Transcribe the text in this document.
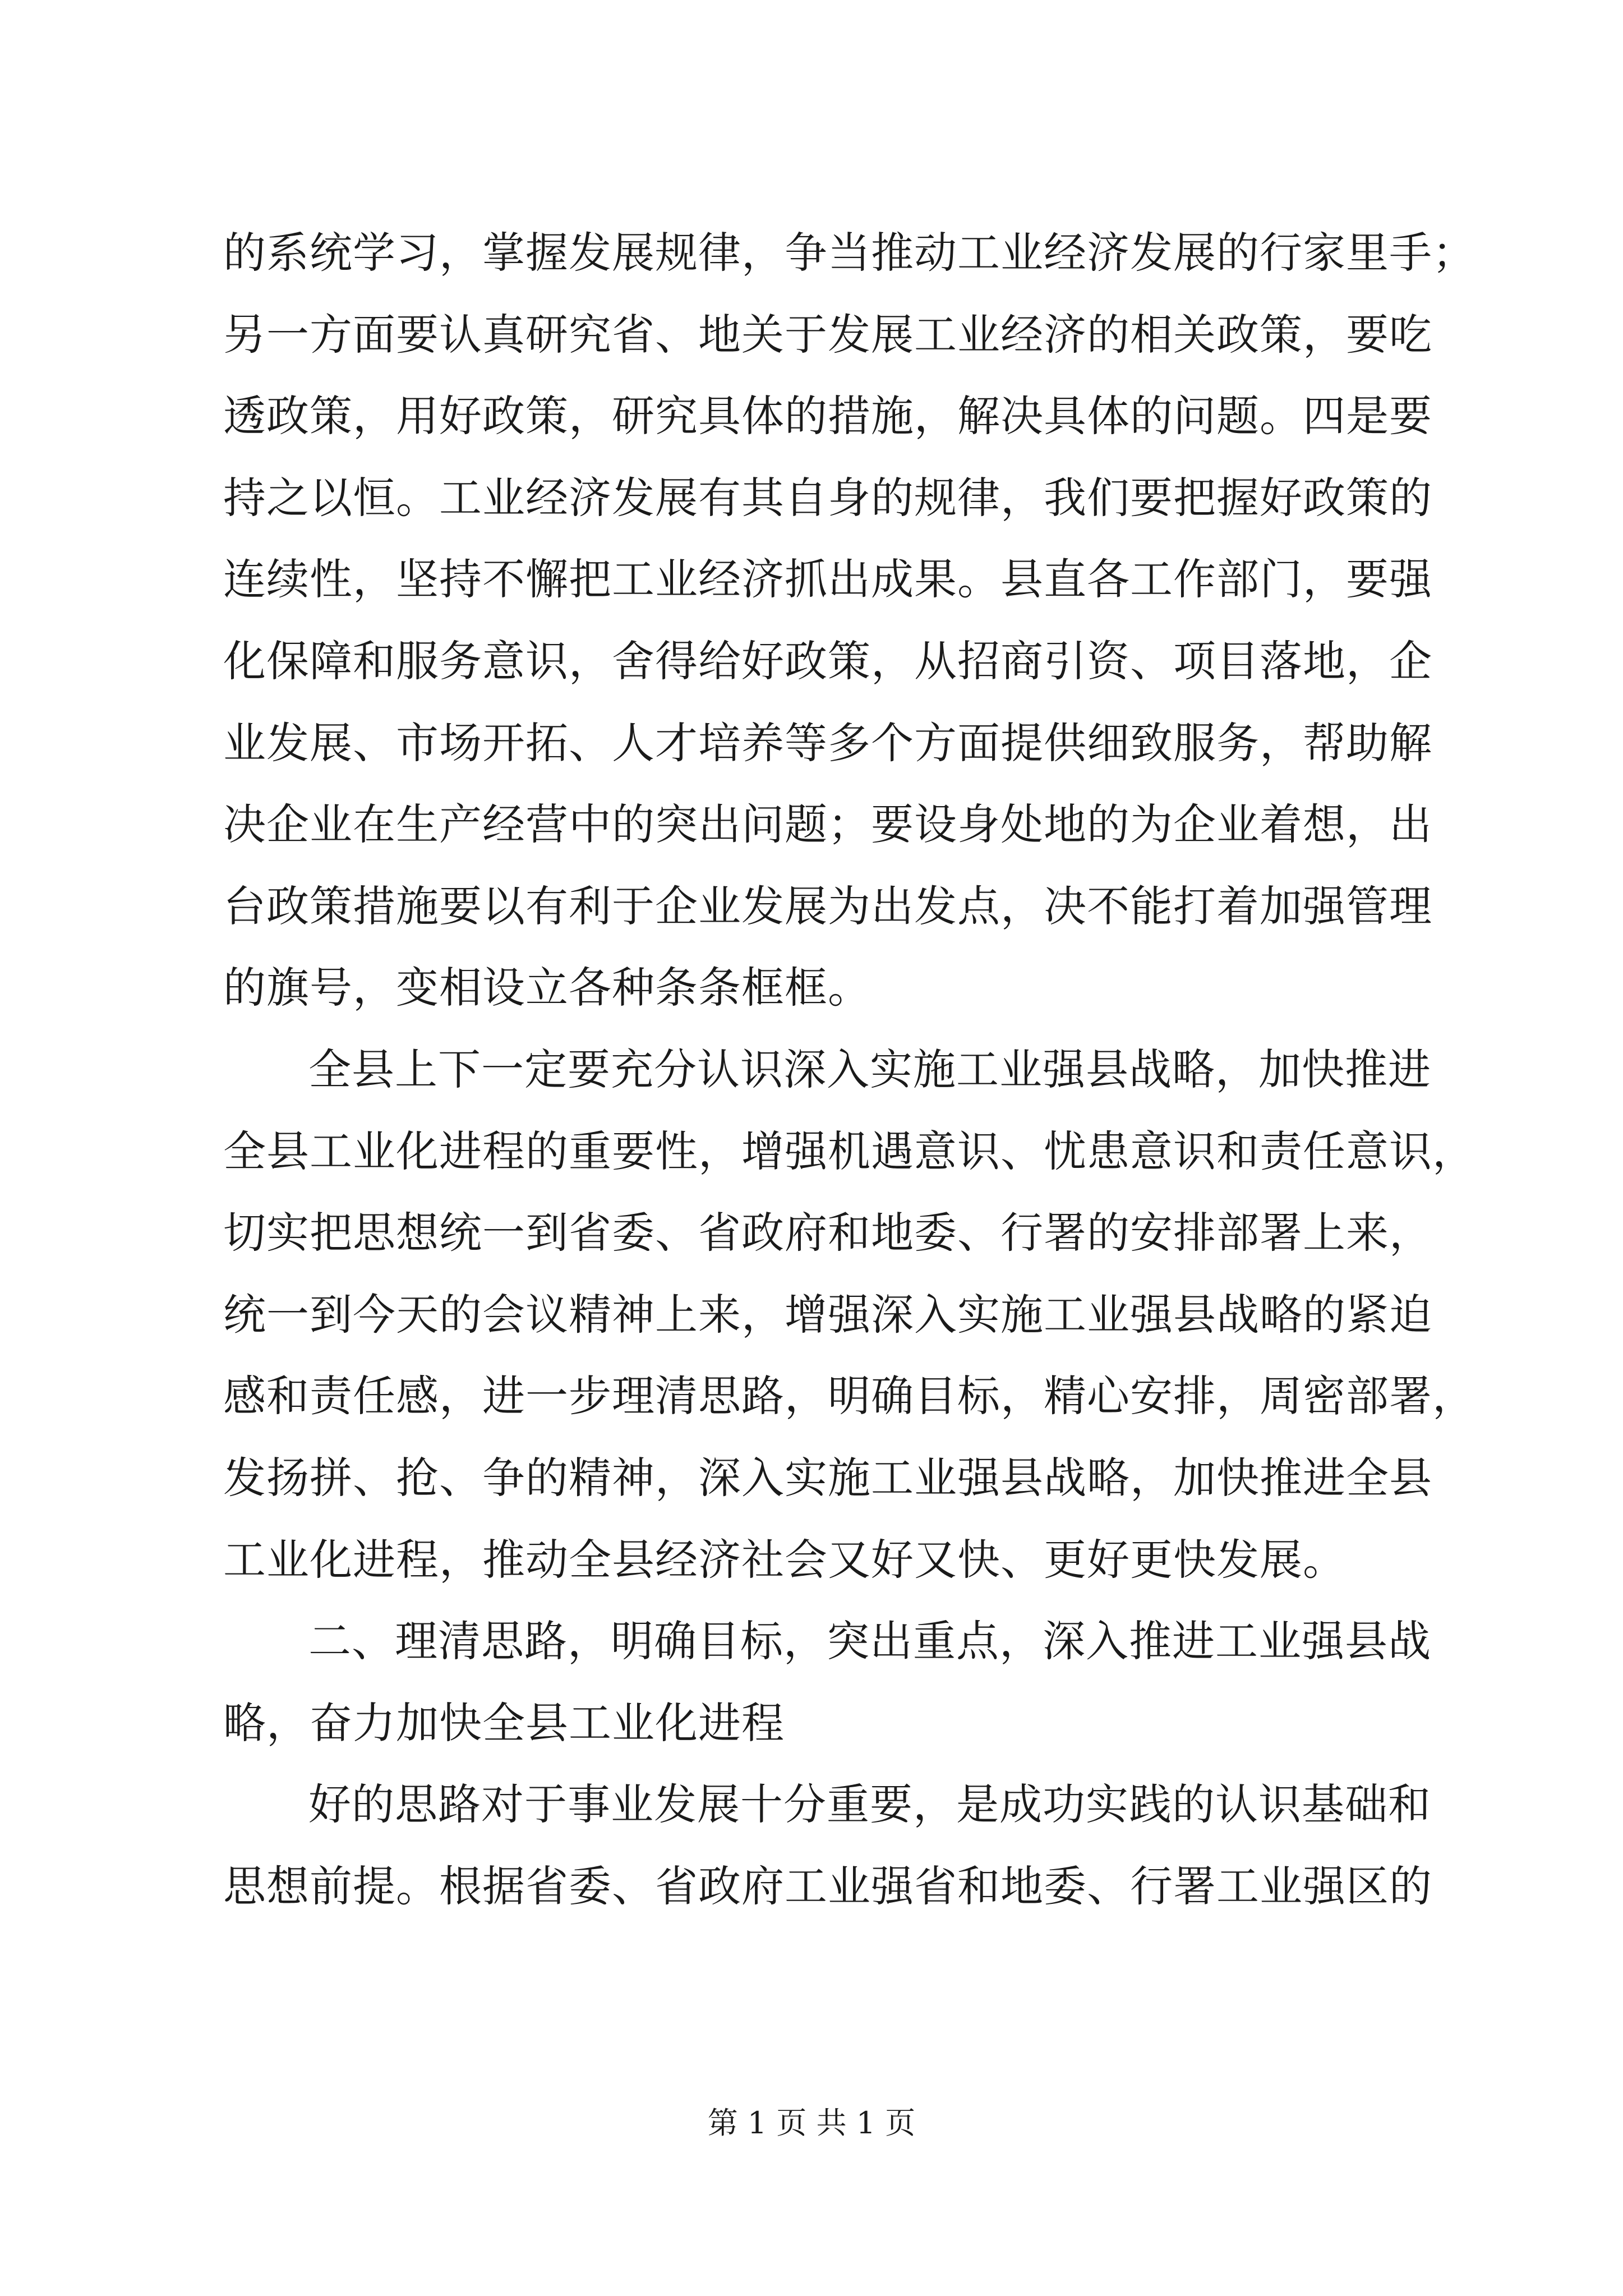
的系统学习，掌握发展规律，争当推动工业经济发展的行家里手；
另一方面要认真研究省、地关于发展工业经济的相关政策，要吃
透政策，用好政策，研究具体的措施，解决具体的问题。四是要
持之以恒。工业经济发展有其自身的规律，我们要把握好政策的
连续性，坚持不懈把工业经济抓出成果。县直各工作部门，要强
化保障和服务意识，舍得给好政策，从招商引资、项目落地，企
业发展、市场开拓、人才培养等多个方面提供细致服务，帮助解
决企业在生产经营中的突出问题；要设身处地的为企业着想，出
台政策措施要以有利于企业发展为出发点，决不能打着加强管理
的旗号，变相设立各种条条框框。
全县上下一定要充分认识深入实施工业强县战略，加快推进
全县工业化进程的重要性，增强机遇意识、忧患意识和责任意识，
切实把思想统一到省委、省政府和地委、行署的安排部署上来，
统一到今天的会议精神上来，增强深入实施工业强县战略的紧迫
感和责任感，进一步理清思路，明确目标，精心安排，周密部署，
发扬拼、抢、争的精神，深入实施工业强县战略，加快推进全县
工业化进程，推动全县经济社会又好又快、更好更快发展。
二、理清思路，明确目标，突出重点，深入推进工业强县战
略，奋力加快全县工业化进程
好的思路对于事业发展十分重要，是成功实践的认识基础和
思想前提。根据省委、省政府工业强省和地委、行署工业强区的
第 1 页 共 1 页
